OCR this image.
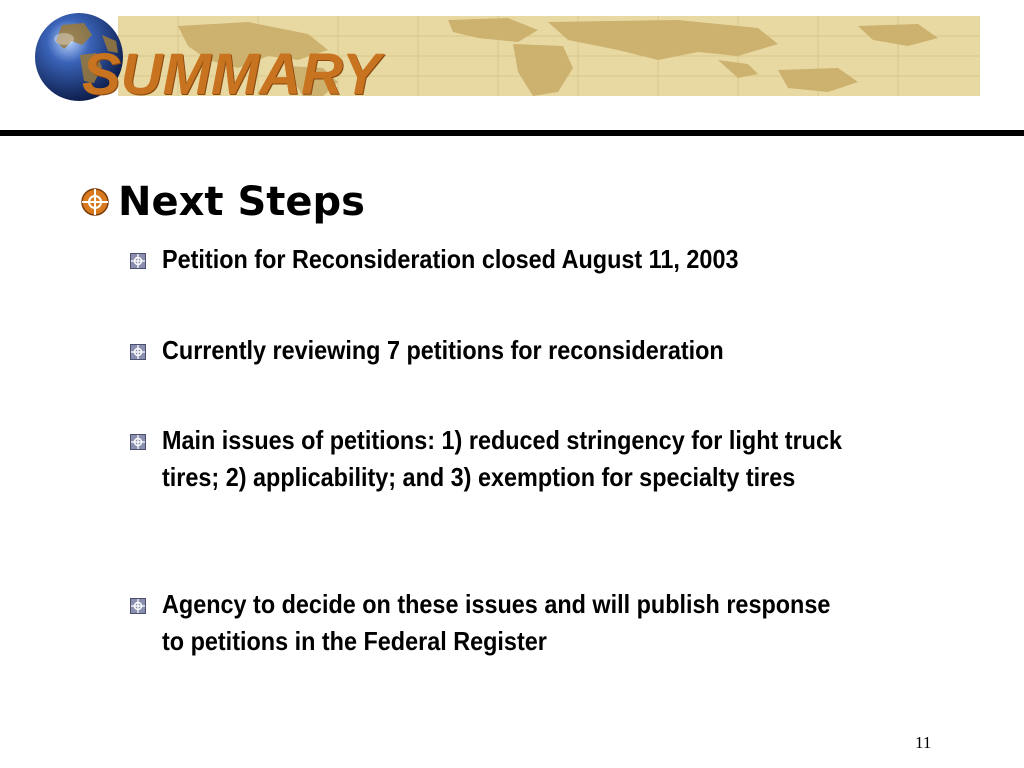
SUMMARY
Next Steps
Petition for Reconsideration closed August 11, 2003
Currently reviewing 7 petitions for reconsideration
Main issues of petitions: 1) reduced stringency for light truck tires; 2) applicability; and 3) exemption for specialty tires
Agency to decide on these issues and will publish response to petitions in the Federal Register
11
